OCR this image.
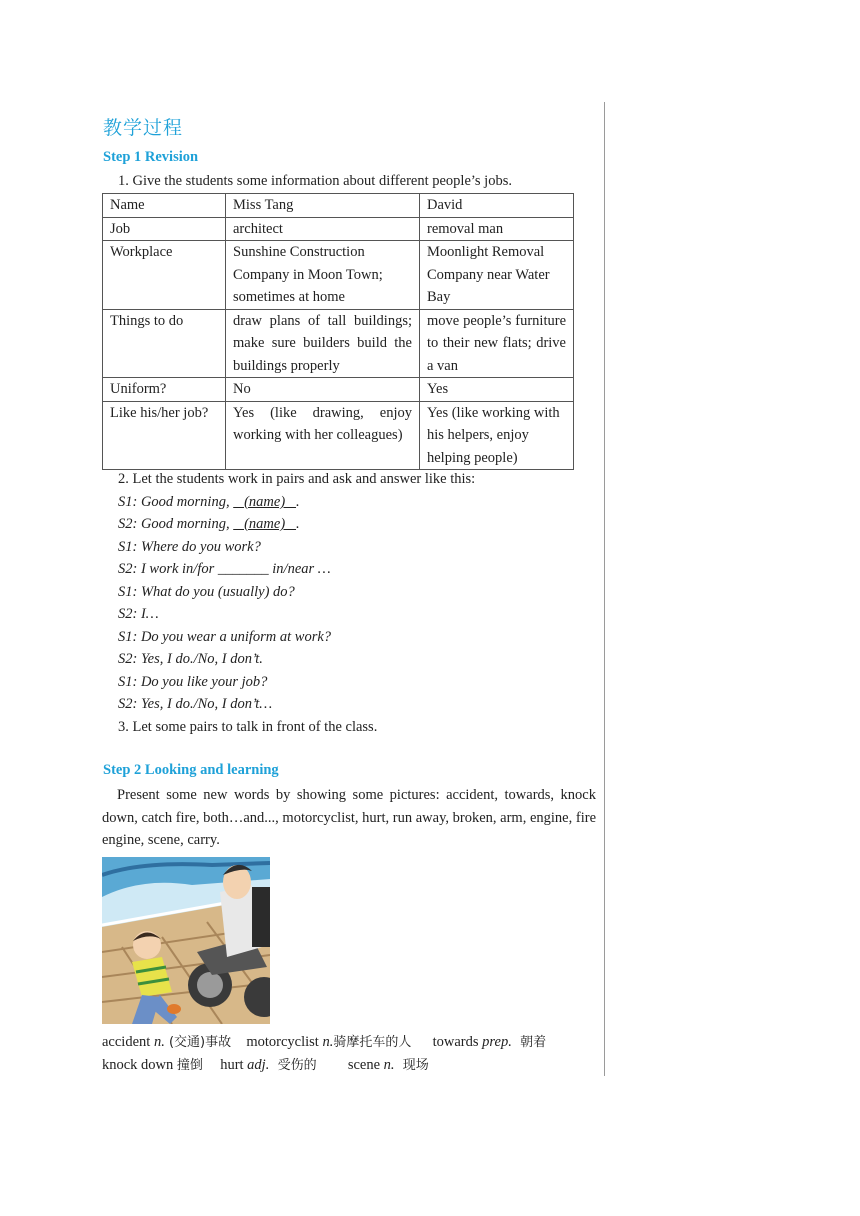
教学过程
Step 1 Revision
1. Give the students some information about different people’s jobs.
Name	Miss Tang	David
Job	architect	removal man
Workplace	Sunshine Construction Company in Moon Town; sometimes at home	Moonlight Removal Company near Water Bay
Things to do	draw plans of tall buildings; make sure builders build the buildings properly	move people’s furniture to their new flats; drive a van
Uniform?	No	Yes
Like his/her job?	Yes (like drawing, enjoy working with her colleagues)	Yes (like working with his helpers, enjoy helping people)
2. Let the students work in pairs and ask and answer like this:
S1: Good morning,    (name)   .
S2: Good morning,    (name)   .
S1: Where do you work?
S2: I work in/for _______ in/near …
S1: What do you (usually) do?
S2: I…
S1: Do you wear a uniform at work?
S2: Yes, I do./No, I don’t.
S1: Do you like your job?
S2: Yes, I do./No, I don’t…
3. Let some pairs to talk in front of the class.
Step 2 Looking and learning
Present some new words by showing some pictures: accident, towards, knock down, catch fire, both…and..., motorcyclist, hurt, run away, broken, arm, engine, fire engine, scene, carry.
accident n. (交通)事故 motorcyclist n.骑摩托车的人 towards prep.  朝着
knock down 撞倒 hurt adj.  受伤的 scene n.  现场
